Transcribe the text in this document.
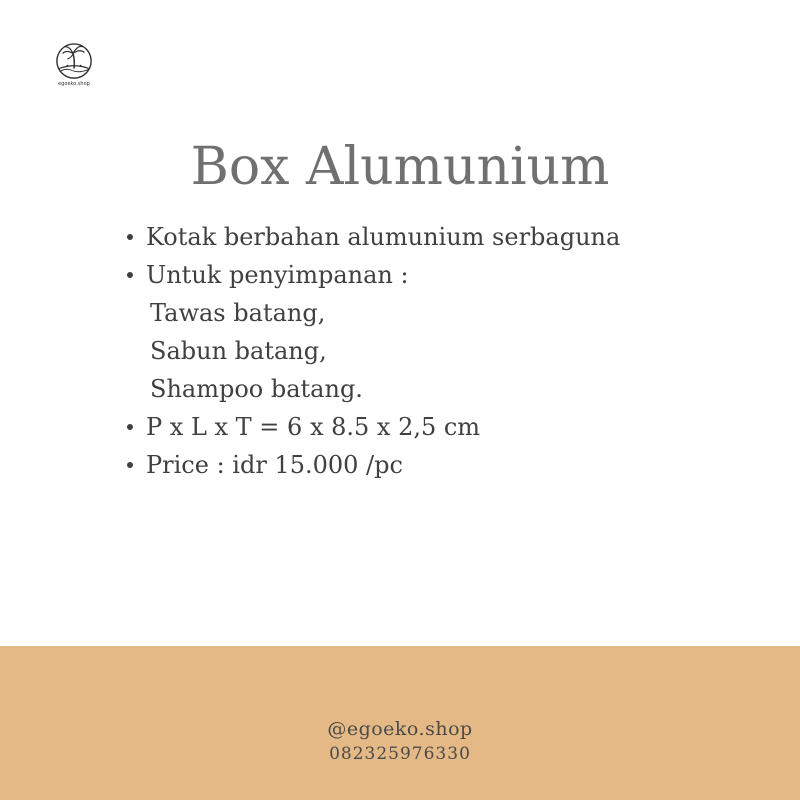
egoeko.shop
Box Alumunium
Kotak berbahan alumunium serbaguna
Untuk penyimpanan :
Tawas batang,
Sabun batang,
Shampoo batang.
P x L x T = 6 x 8.5 x 2,5 cm
Price : idr 15.000 /pc
@egoeko.shop
082325976330
